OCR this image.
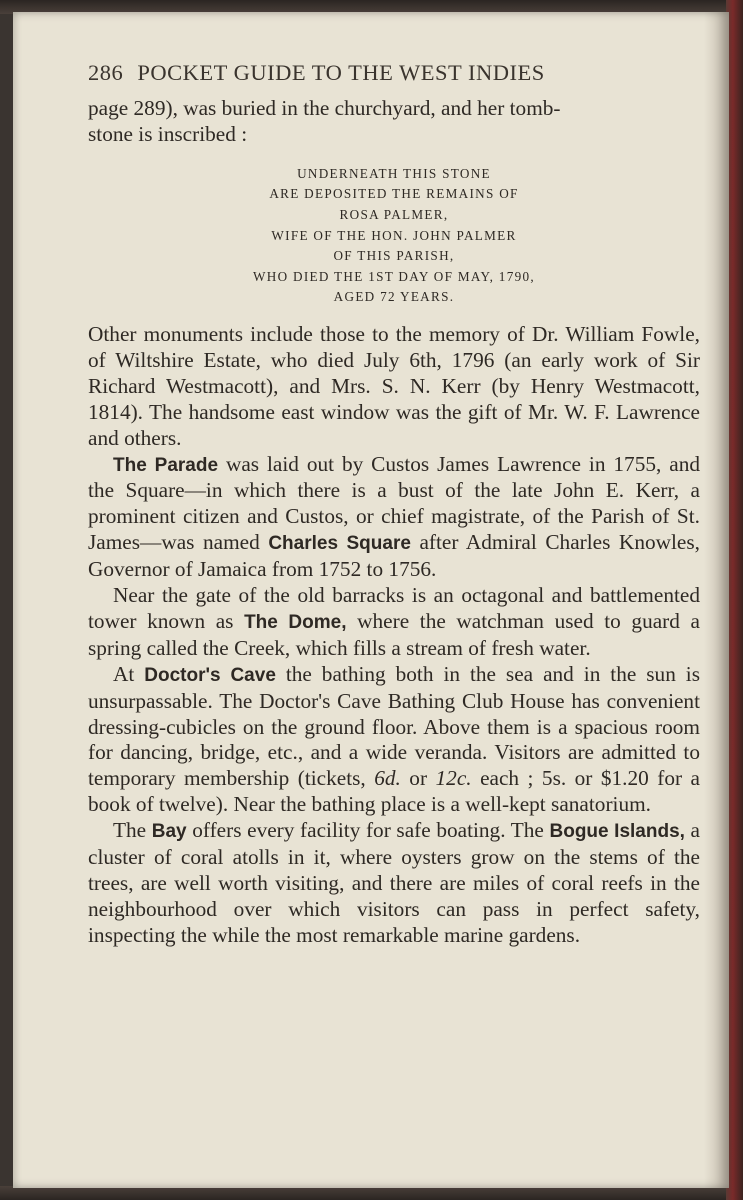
286 POCKET GUIDE TO THE WEST INDIES

page 289), was buried in the churchyard, and her tomb-
stone is inscribed :

UNDERNEATH THIS STONE
ARE DEPOSITED THE REMAINS OF
ROSA PALMER,
WIFE OF THE HON. JOHN PALMER
OF THIS PARISH,
WHO DIED THE 1ST DAY OF MAY, 1790,
AGED 72 YEARS.

Other monuments include those to the memory of Dr. William Fowle, of Wiltshire Estate, who died July 6th, 1796 (an early work of Sir Richard Westmacott), and Mrs. S. N. Kerr (by Henry Westmacott, 1814). The handsome east window was the gift of Mr. W. F. Lawrence and others.

The Parade was laid out by Custos James Lawrence in 1755, and the Square—in which there is a bust of the late John E. Kerr, a prominent citizen and Custos, or chief magistrate, of the Parish of St. James—was named Charles Square after Admiral Charles Knowles, Governor of Jamaica from 1752 to 1756.

Near the gate of the old barracks is an octagonal and battlemented tower known as The Dome, where the watchman used to guard a spring called the Creek, which fills a stream of fresh water.

At Doctor's Cave the bathing both in the sea and in the sun is unsurpassable. The Doctor's Cave Bathing Club House has convenient dressing-cubicles on the ground floor. Above them is a spacious room for dancing, bridge, etc., and a wide veranda. Visitors are admitted to temporary membership (tickets, 6d. or 12c. each ; 5s. or $1.20 for a book of twelve). Near the bathing place is a well-kept sanatorium.

The Bay offers every facility for safe boating. The Bogue Islands, a cluster of coral atolls in it, where oysters grow on the stems of the trees, are well worth visiting, and there are miles of coral reefs in the neighbourhood over which visitors can pass in perfect safety, inspecting the while the most remarkable marine gardens.
